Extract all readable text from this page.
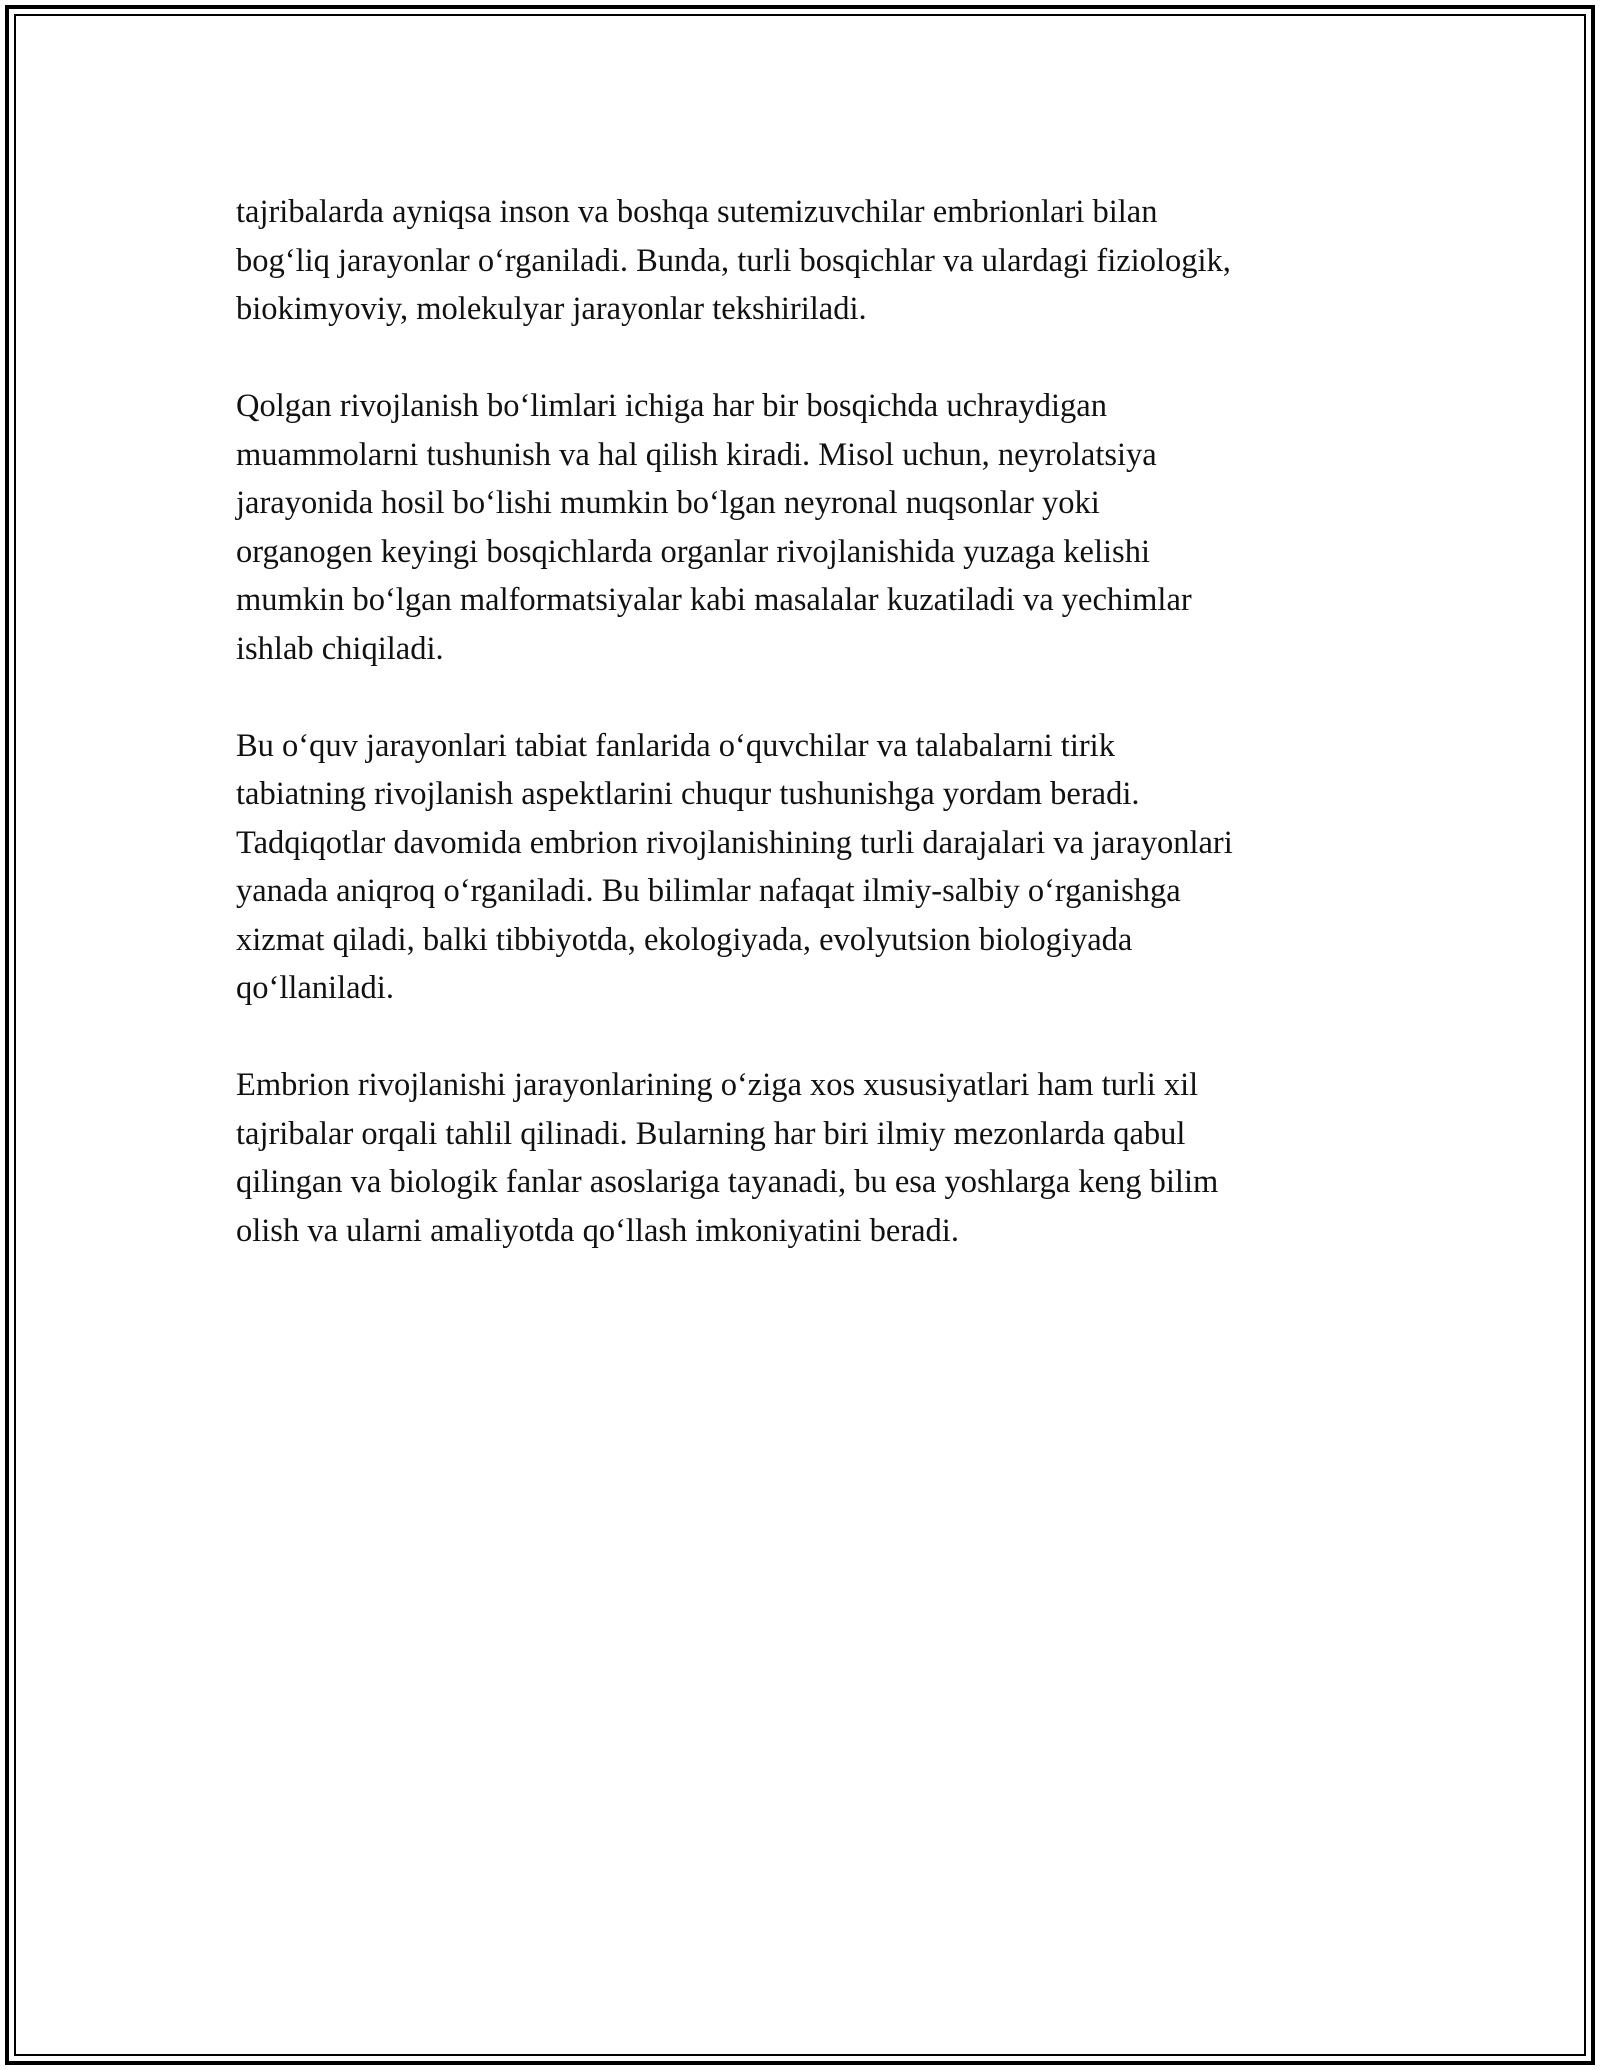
tajribalarda ayniqsa inson va boshqa sutemizuvchilar embrionlari bilan
bog‘liq jarayonlar o‘rganiladi. Bunda, turli bosqichlar va ulardagi fiziologik,
biokimyoviy, molekulyar jarayonlar tekshiriladi.

Qolgan rivojlanish bo‘limlari ichiga har bir bosqichda uchraydigan
muammolarni tushunish va hal qilish kiradi. Misol uchun, neyrolatsiya
jarayonida hosil bo‘lishi mumkin bo‘lgan neyronal nuqsonlar yoki
organogen keyingi bosqichlarda organlar rivojlanishida yuzaga kelishi
mumkin bo‘lgan malformatsiyalar kabi masalalar kuzatiladi va yechimlar
ishlab chiqiladi.

Bu o‘quv jarayonlari tabiat fanlarida o‘quvchilar va talabalarni tirik
tabiatning rivojlanish aspektlarini chuqur tushunishga yordam beradi.
Tadqiqotlar davomida embrion rivojlanishining turli darajalari va jarayonlari
yanada aniqroq o‘rganiladi. Bu bilimlar nafaqat ilmiy-salbiy o‘rganishga
xizmat qiladi, balki tibbiyotda, ekologiyada, evolyutsion biologiyada
qo‘llaniladi.

Embrion rivojlanishi jarayonlarining o‘ziga xos xususiyatlari ham turli xil
tajribalar orqali tahlil qilinadi. Bularning har biri ilmiy mezonlarda qabul
qilingan va biologik fanlar asoslariga tayanadi, bu esa yoshlarga keng bilim
olish va ularni amaliyotda qo‘llash imkoniyatini beradi.
